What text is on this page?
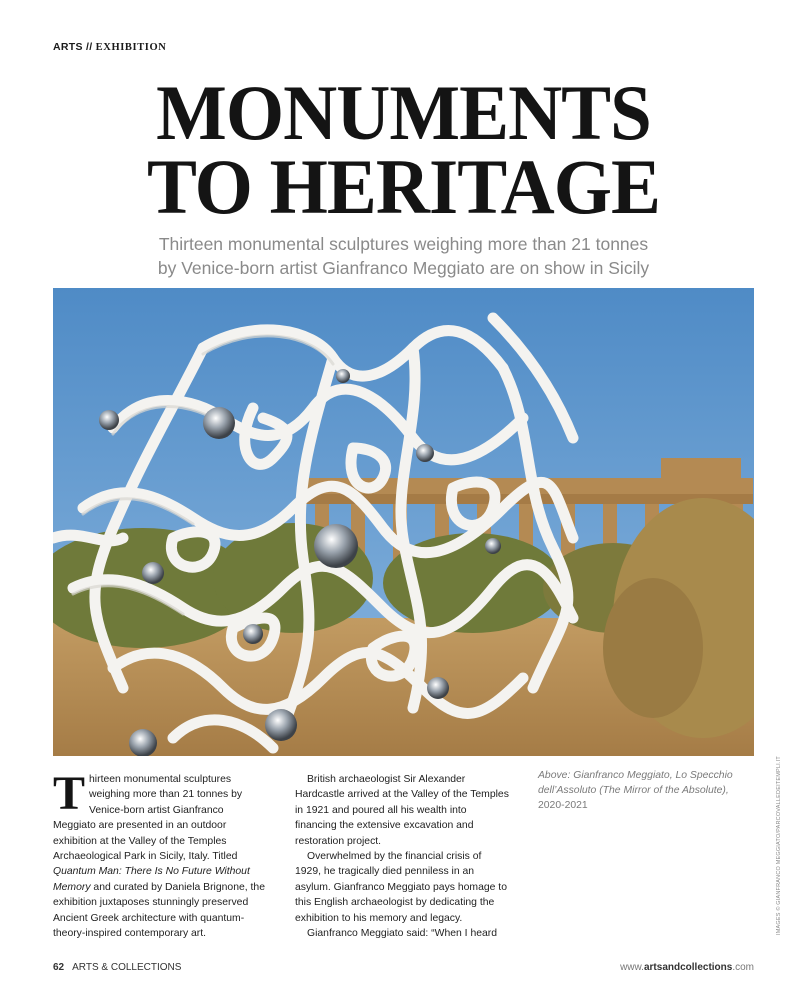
ARTS // EXHIBITION
MONUMENTS
TO HERITAGE
Thirteen monumental sculptures weighing more than 21 tonnes
by Venice-born artist Gianfranco Meggiato are on show in Sicily

Thirteen monumental sculptures weighing more than 21 tonnes by Venice-born artist Gianfranco Meggiato are presented in an outdoor exhibition at the Valley of the Temples Archaeological Park in Sicily, Italy. Titled Quantum Man: There Is No Future Without Memory and curated by Daniela Brignone, the exhibition juxtaposes stunningly preserved Ancient Greek architecture with quantum-theory-inspired contemporary art.

British archaeologist Sir Alexander Hardcastle arrived at the Valley of the Temples in 1921 and poured all his wealth into financing the extensive excavation and restoration project.

Overwhelmed by the financial crisis of 1929, he tragically died penniless in an asylum. Gianfranco Meggiato pays homage to this English archaeologist by dedicating the exhibition to his memory and legacy.

Gianfranco Meggiato said: “When I heard

Above: Gianfranco Meggiato, Lo Specchio dell’Assoluto (The Mirror of the Absolute), 2020-2021	IMAGES © GIANFRANCO MEGGIATO/PARCOVALLEDEITEMPLI.IT
62 ARTS & COLLECTIONS	www.artsandcollections.com
